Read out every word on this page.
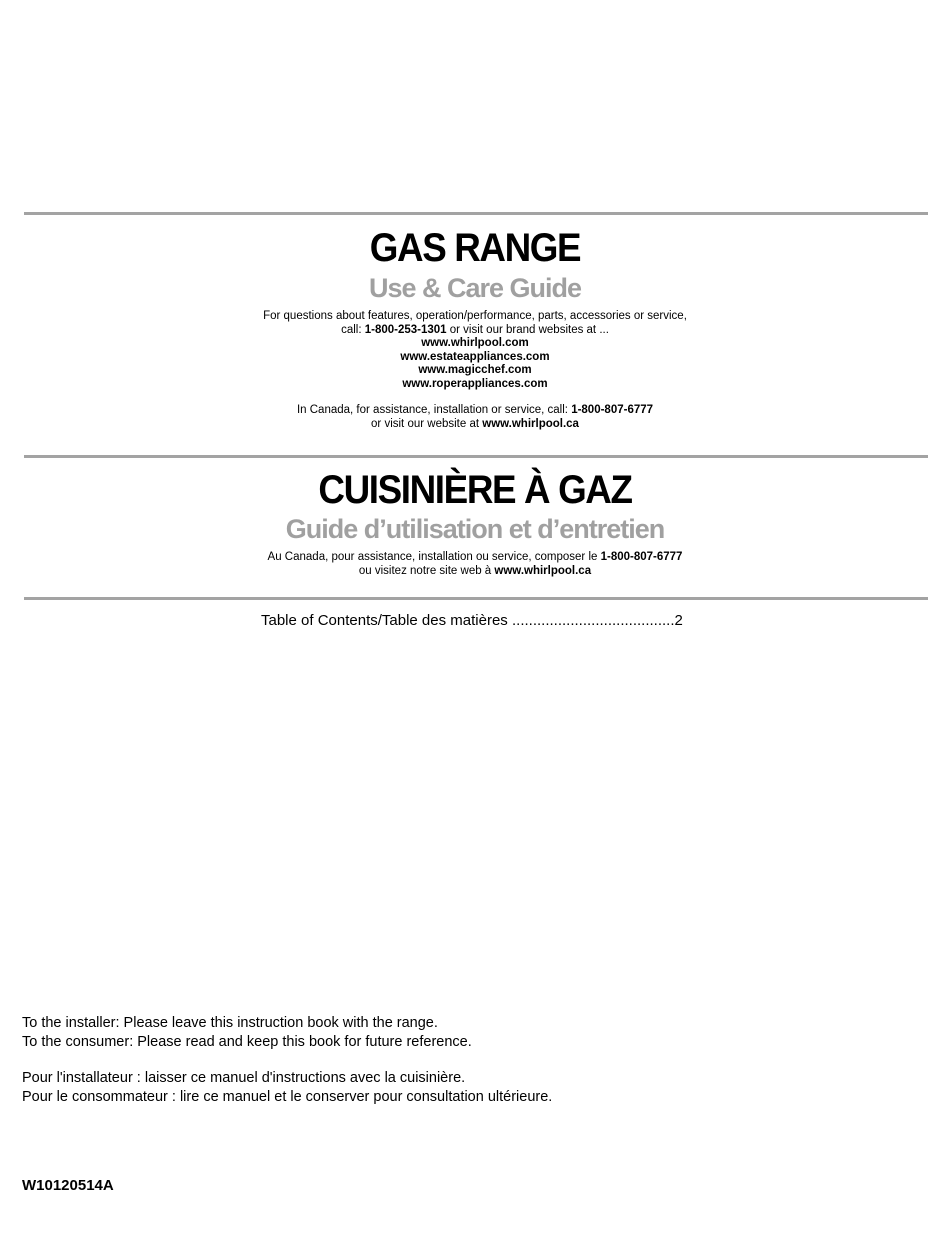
GAS RANGE
Use & Care Guide
For questions about features, operation/performance, parts, accessories or service,
call: 1-800-253-1301 or visit our brand websites at ...
www.whirlpool.com
www.estateappliances.com
www.magicchef.com
www.roperappliances.com
In Canada, for assistance, installation or service, call: 1-800-807-6777
or visit our website at www.whirlpool.ca
CUISINIÈRE À GAZ
Guide d’utilisation et d’entretien
Au Canada, pour assistance, installation ou service, composer le 1-800-807-6777
ou visitez notre site web à www.whirlpool.ca
Table of Contents/Table des matières .......................................2
To the installer: Please leave this instruction book with the range.
To the consumer: Please read and keep this book for future reference.
Pour l'installateur : laisser ce manuel d'instructions avec la cuisinière.
Pour le consommateur : lire ce manuel et le conserver pour consultation ultérieure.
W10120514A
